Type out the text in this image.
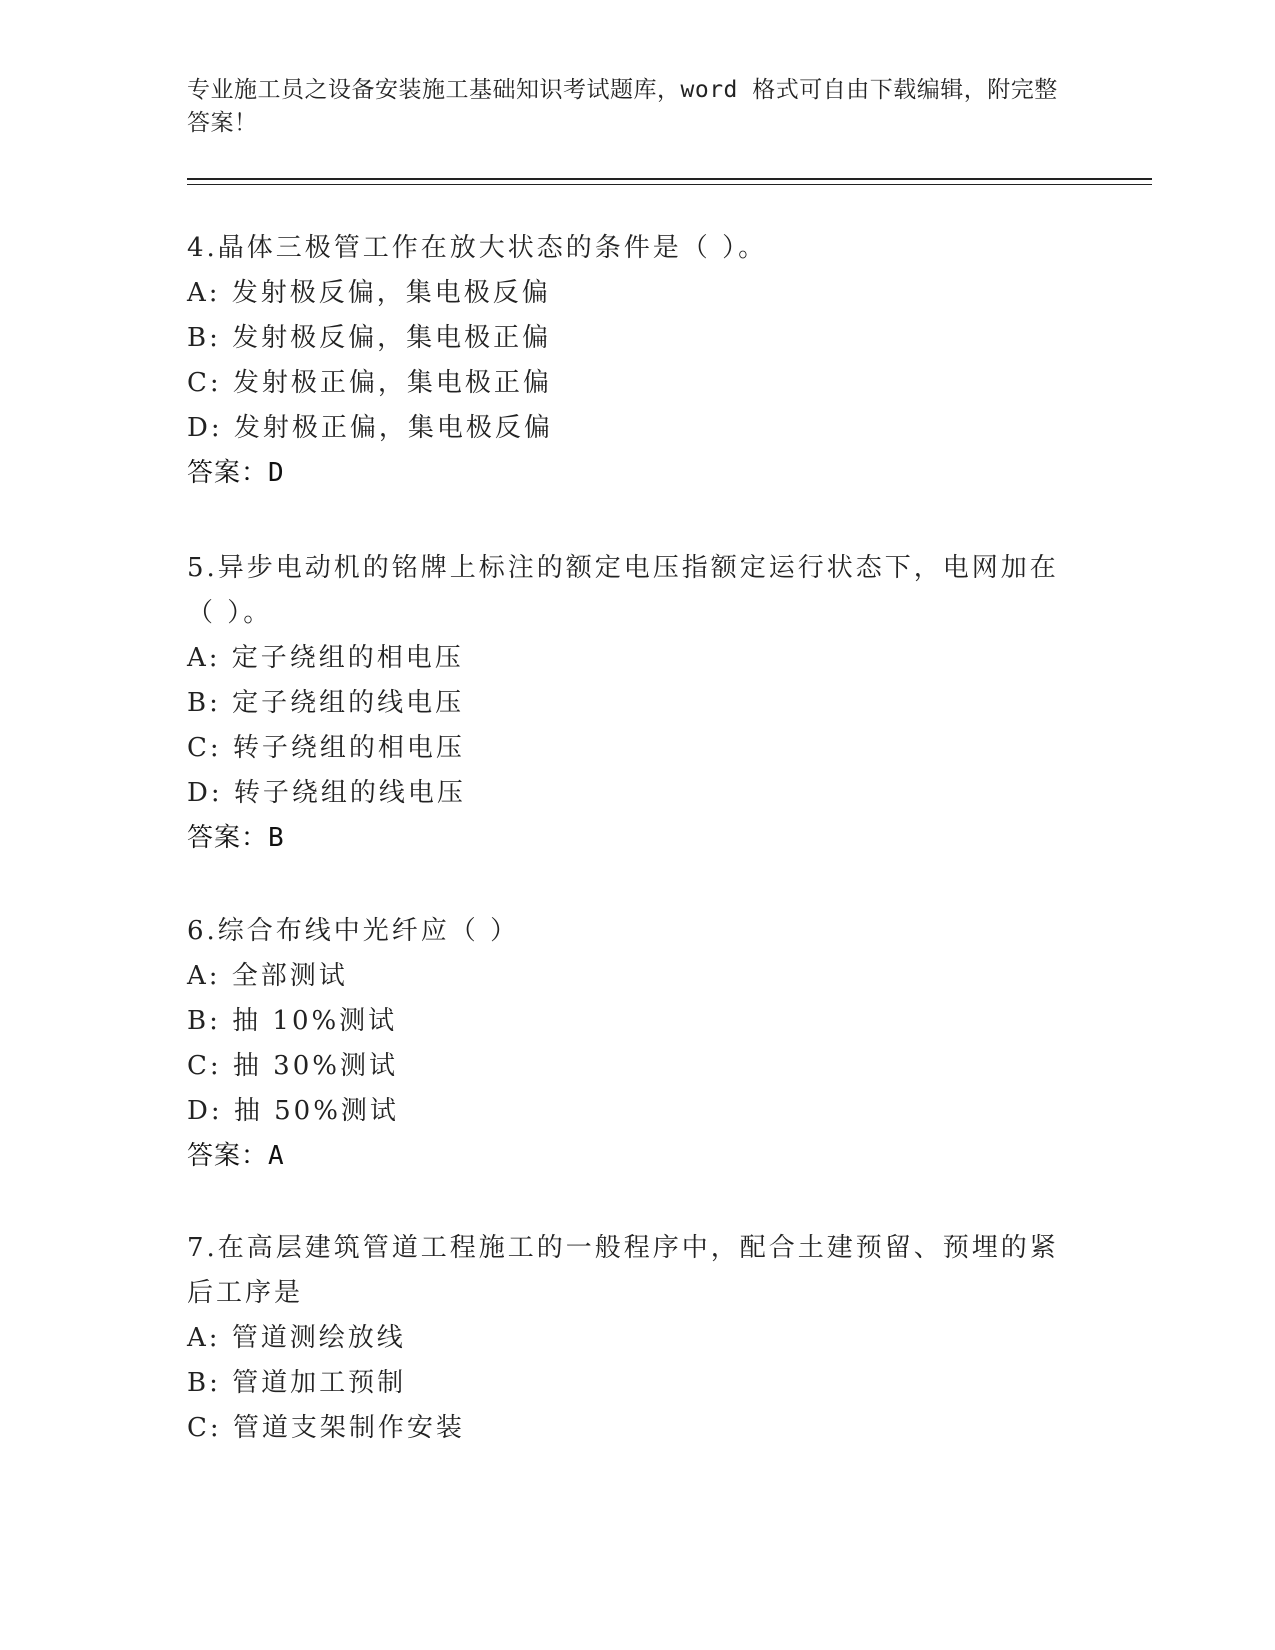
专业施工员之设备安装施工基础知识考试题库，word 格式可自由下载编辑，附完整答案！
4.晶体三极管工作在放大状态的条件是（ ）。
A: 发射极反偏，集电极反偏
B: 发射极反偏，集电极正偏
C: 发射极正偏，集电极正偏
D: 发射极正偏，集电极反偏
答案：D
5.异步电动机的铭牌上标注的额定电压指额定运行状态下，电网加在（ ）。
A: 定子绕组的相电压
B: 定子绕组的线电压
C: 转子绕组的相电压
D: 转子绕组的线电压
答案：B
6.综合布线中光纤应（ ）
A: 全部测试
B: 抽 10%测试
C: 抽 30%测试
D: 抽 50%测试
答案：A
7.在高层建筑管道工程施工的一般程序中，配合土建预留、预埋的紧后工序是
A: 管道测绘放线
B: 管道加工预制
C: 管道支架制作安装
